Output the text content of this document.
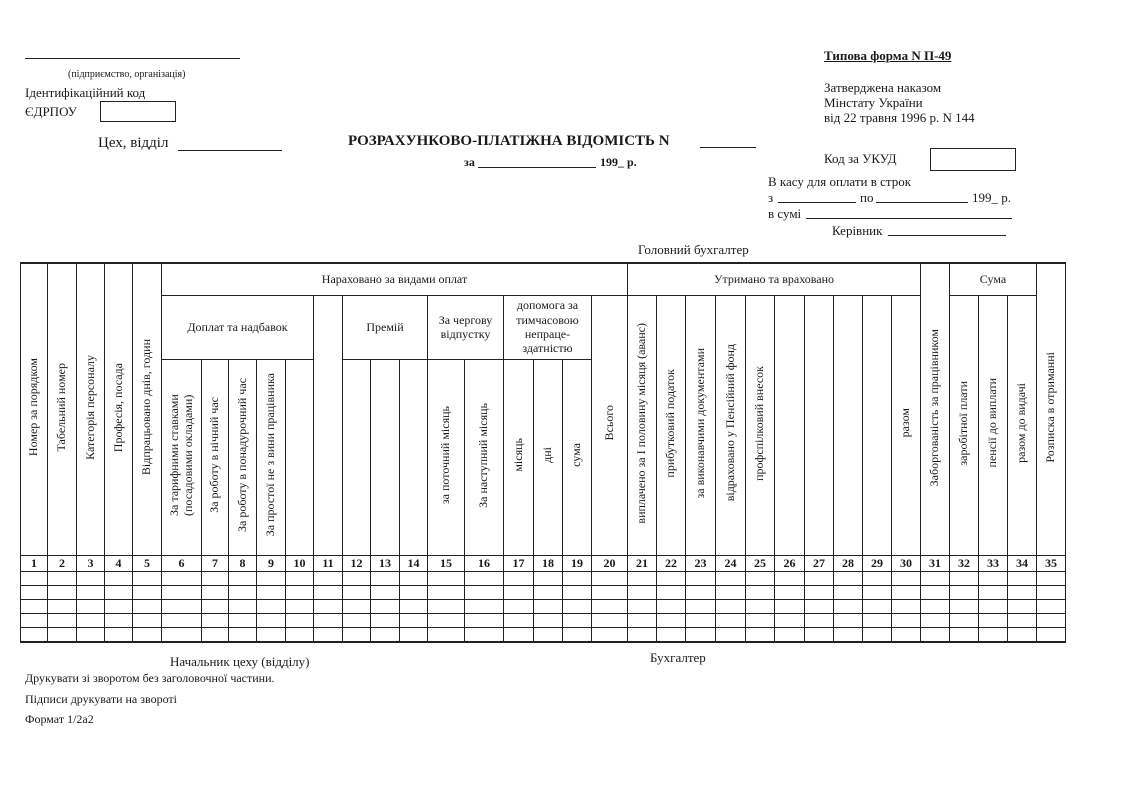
(підприємство, організація)
Ідентифікаційний код
ЄДРПОУ
Цех, відділ	РОЗРАХУНКОВО-ПЛАТІЖНА ВІДОМІСТЬ N
за	199_ р.
Типова форма N П-49
Затверджена наказом
Мінстату України
від 22 травня 1996 р. N 144
Код за УКУД
В касу для оплати в строк
з	по	199_ р.
в сумі
Керівник
Головний бухгалтер
Номер за порядком	Табельний номер	Категорія персоналу	Професія, посада	Відпрацьовано днів, годин	Нараховано за видами оплат															Утримано та враховано										Заборгованість за працівником	Сума			Розписка в отриманні
					Доплат та надбавок						Премій			За чергову відпустку		допомога за тимчасовою непраце-здатністю			Всього	виплачено за І половину місяця (аванс)	прибутковий податок	за виконавчими документами	відраховано у Пенсійний фонд	профспілковий внесок					разом		заробітної плати	пенсії до виплати	разом до видачі	
					За тарифними ставками (посадовими окладами)	За роботу в нічний час	За роботу в понадурочний час	За простої не з вини працівника						за поточний місяць	За наступний місяць	місяць	дні	сума																
1	2	3	4	5	6	7	8	9	10	11	12	13	14	15	16	17	18	19	20	21	22	23	24	25	26	27	28	29	30	31	32	33	34	35

Начальник цеху (відділу)	Бухгалтер
Друкувати зі зворотом без заголовочної частини.
Підписи друкувати на звороті
Формат 1/2а2
